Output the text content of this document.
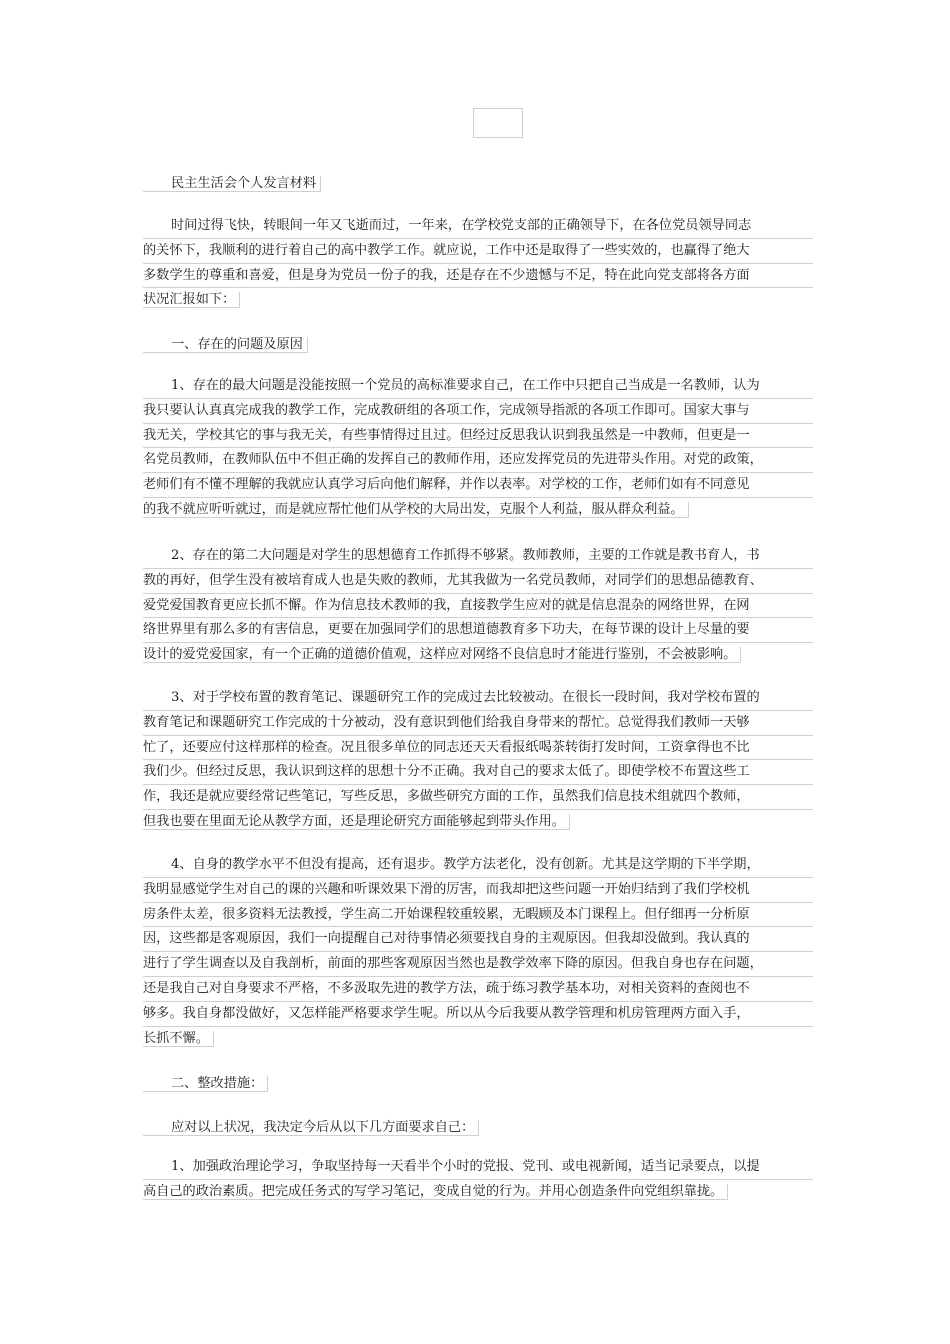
民主生活会个人发言材料
时间过得飞快，转眼间一年又飞逝而过，一年来，在学校党支部的正确领导下，在各位党员领导同志
的关怀下，我顺利的进行着自己的高中教学工作。就应说，工作中还是取得了一些实效的，也赢得了绝大
多数学生的尊重和喜爱，但是身为党员一份子的我，还是存在不少遗憾与不足，特在此向党支部将各方面
状况汇报如下：
一、存在的问题及原因
1、存在的最大问题是没能按照一个党员的高标准要求自己，在工作中只把自己当成是一名教师，认为
我只要认认真真完成我的教学工作，完成教研组的各项工作，完成领导指派的各项工作即可。国家大事与
我无关，学校其它的事与我无关，有些事情得过且过。但经过反思我认识到我虽然是一中教师，但更是一
名党员教师，在教师队伍中不但正确的发挥自己的教师作用，还应发挥党员的先进带头作用。对党的政策，
老师们有不懂不理解的我就应认真学习后向他们解释，并作以表率。对学校的工作，老师们如有不同意见
的我不就应听听就过，而是就应帮忙他们从学校的大局出发，克服个人利益，服从群众利益。
2、存在的第二大问题是对学生的思想德育工作抓得不够紧。教师教师，主要的工作就是教书育人，书
教的再好，但学生没有被培育成人也是失败的教师，尤其我做为一名党员教师，对同学们的思想品德教育、
爱党爱国教育更应长抓不懈。作为信息技术教师的我，直接教学生应对的就是信息混杂的网络世界，在网
络世界里有那么多的有害信息，更要在加强同学们的思想道德教育多下功夫，在每节课的设计上尽量的要
设计的爱党爱国家，有一个正确的道德价值观，这样应对网络不良信息时才能进行鉴别，不会被影响。
3、对于学校布置的教育笔记、课题研究工作的完成过去比较被动。在很长一段时间，我对学校布置的
教育笔记和课题研究工作完成的十分被动，没有意识到他们给我自身带来的帮忙。总觉得我们教师一天够
忙了，还要应付这样那样的检查。况且很多单位的同志还天天看报纸喝茶转街打发时间，工资拿得也不比
我们少。但经过反思，我认识到这样的思想十分不正确。我对自己的要求太低了。即使学校不布置这些工
作，我还是就应要经常记些笔记，写些反思，多做些研究方面的工作，虽然我们信息技术组就四个教师，
但我也要在里面无论从教学方面，还是理论研究方面能够起到带头作用。
4、自身的教学水平不但没有提高，还有退步。教学方法老化，没有创新。尤其是这学期的下半学期，
我明显感觉学生对自己的课的兴趣和听课效果下滑的厉害，而我却把这些问题一开始归结到了我们学校机
房条件太差，很多资料无法教授，学生高二开始课程较重较累，无暇顾及本门课程上。但仔细再一分析原
因，这些都是客观原因，我们一向提醒自己对待事情必须要找自身的主观原因。但我却没做到。我认真的
进行了学生调查以及自我剖析，前面的那些客观原因当然也是教学效率下降的原因。但我自身也存在问题，
还是我自己对自身要求不严格，不多汲取先进的教学方法，疏于练习教学基本功，对相关资料的查阅也不
够多。我自身都没做好，又怎样能严格要求学生呢。所以从今后我要从教学管理和机房管理两方面入手，
长抓不懈。
二、整改措施：
应对以上状况，我决定今后从以下几方面要求自己：
1、加强政治理论学习，争取坚持每一天看半个小时的党报、党刊、或电视新闻，适当记录要点，以提
高自己的政治素质。把完成任务式的写学习笔记，变成自觉的行为。并用心创造条件向党组织靠拢。
